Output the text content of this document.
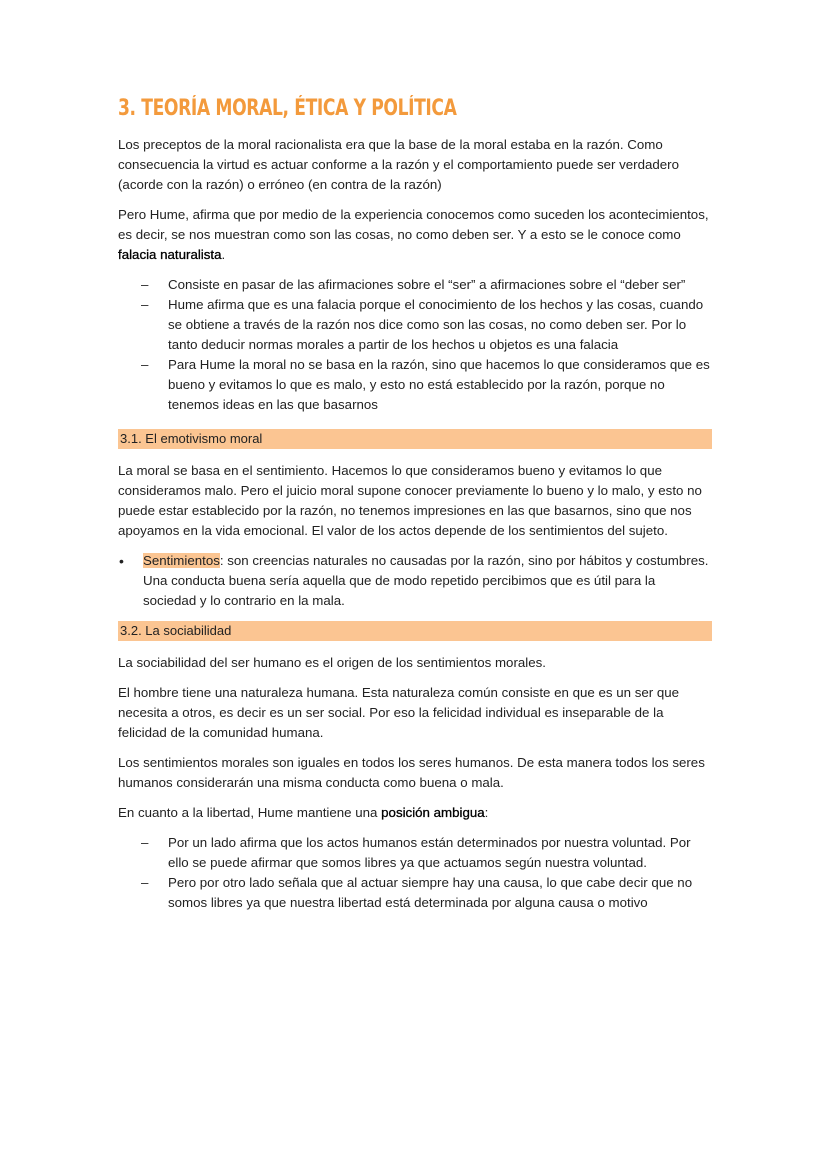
3. TEORÍA MORAL, ÉTICA Y POLÍTICA

Los preceptos de la moral racionalista era que la base de la moral estaba en la razón. Como consecuencia la virtud es actuar conforme a la razón y el comportamiento puede ser verdadero (acorde con la razón) o erróneo (en contra de la razón)

Pero Hume, afirma que por medio de la experiencia conocemos como suceden los acontecimientos, es decir, se nos muestran como son las cosas, no como deben ser. Y a esto se le conoce como falacia naturalista.

– Consiste en pasar de las afirmaciones sobre el “ser” a afirmaciones sobre el “deber ser”
– Hume afirma que es una falacia porque el conocimiento de los hechos y las cosas, cuando se obtiene a través de la razón nos dice como son las cosas, no como deben ser. Por lo tanto deducir normas morales a partir de los hechos u objetos es una falacia
– Para Hume la moral no se basa en la razón, sino que hacemos lo que consideramos que es bueno y evitamos lo que es malo, y esto no está establecido por la razón, porque no tenemos ideas en las que basarnos
3.1. El emotivismo moral

La moral se basa en el sentimiento. Hacemos lo que consideramos bueno y evitamos lo que consideramos malo. Pero el juicio moral supone conocer previamente lo bueno y lo malo, y esto no puede estar establecido por la razón, no tenemos impresiones en las que basarnos, sino que nos apoyamos en la vida emocional. El valor de los actos depende de los sentimientos del sujeto.

• Sentimientos: son creencias naturales no causadas por la razón, sino por hábitos y costumbres. Una conducta buena sería aquella que de modo repetido percibimos que es útil para la sociedad y lo contrario en la mala.
3.2. La sociabilidad

La sociabilidad del ser humano es el origen de los sentimientos morales.

El hombre tiene una naturaleza humana. Esta naturaleza común consiste en que es un ser que necesita a otros, es decir es un ser social. Por eso la felicidad individual es inseparable de la felicidad de la comunidad humana.

Los sentimientos morales son iguales en todos los seres humanos. De esta manera todos los seres humanos considerarán una misma conducta como buena o mala.

En cuanto a la libertad, Hume mantiene una posición ambigua:

– Por un lado afirma que los actos humanos están determinados por nuestra voluntad. Por ello se puede afirmar que somos libres ya que actuamos según nuestra voluntad.
– Pero por otro lado señala que al actuar siempre hay una causa, lo que cabe decir que no somos libres ya que nuestra libertad está determinada por alguna causa o motivo
